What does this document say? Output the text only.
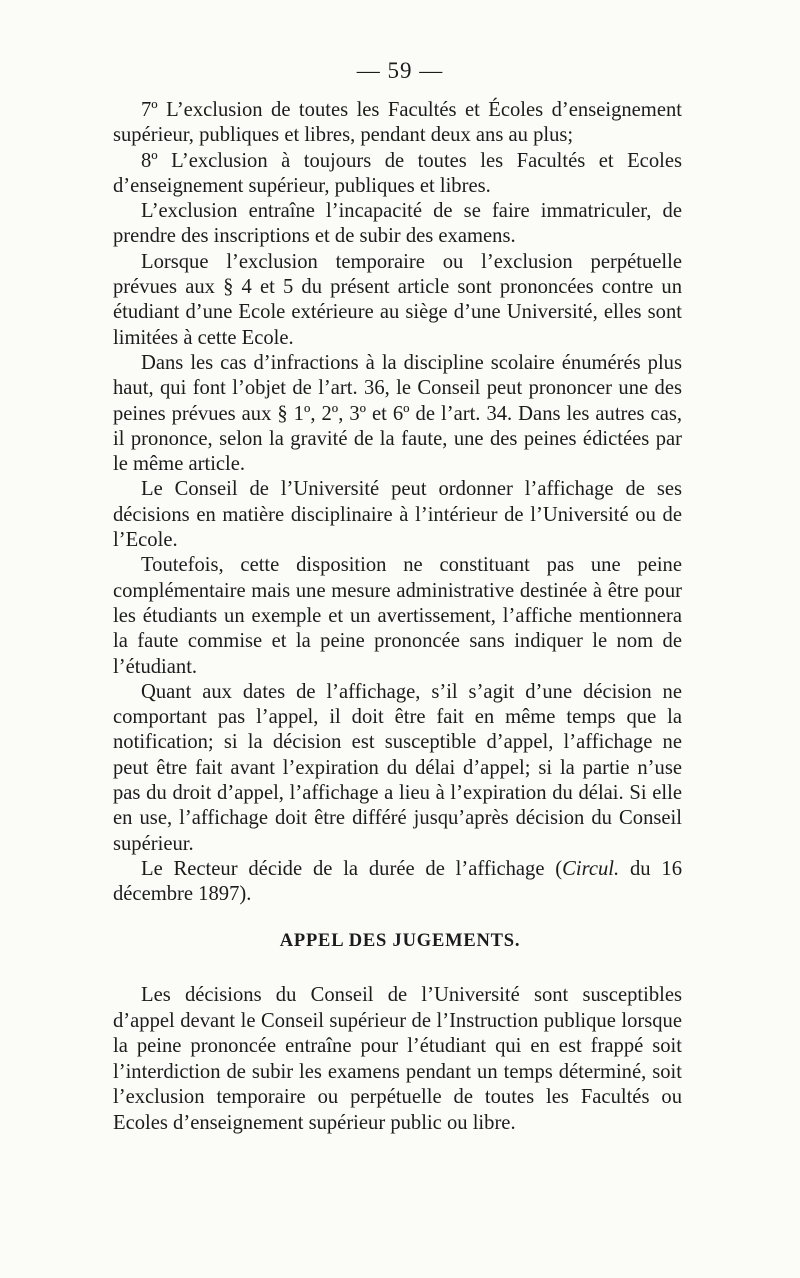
— 59 —

7º L’exclusion de toutes les Facultés et Écoles d’enseignement supérieur, publiques et libres, pendant deux ans au plus;

8º L’exclusion à toujours de toutes les Facultés et Ecoles d’enseignement supérieur, publiques et libres.

L’exclusion entraîne l’incapacité de se faire immatriculer, de prendre des inscriptions et de subir des examens.

Lorsque l’exclusion temporaire ou l’exclusion perpétuelle prévues aux § 4 et 5 du présent article sont prononcées contre un étudiant d’une Ecole extérieure au siège d’une Université, elles sont limitées à cette Ecole.

Dans les cas d’infractions à la discipline scolaire énumérés plus haut, qui font l’objet de l’art. 36, le Conseil peut prononcer une des peines prévues aux § 1º, 2º, 3º et 6º de l’art. 34. Dans les autres cas, il prononce, selon la gravité de la faute, une des peines édictées par le même article.

Le Conseil de l’Université peut ordonner l’affichage de ses décisions en matière disciplinaire à l’intérieur de l’Université ou de l’Ecole.

Toutefois, cette disposition ne constituant pas une peine complémentaire mais une mesure administrative destinée à être pour les étudiants un exemple et un avertissement, l’affiche mentionnera la faute commise et la peine prononcée sans indiquer le nom de l’étudiant.

Quant aux dates de l’affichage, s’il s’agit d’une décision ne comportant pas l’appel, il doit être fait en même temps que la notification; si la décision est susceptible d’appel, l’affichage ne peut être fait avant l’expiration du délai d’appel; si la partie n’use pas du droit d’appel, l’affichage a lieu à l’expiration du délai. Si elle en use, l’affichage doit être différé jusqu’après décision du Conseil supérieur.

Le Recteur décide de la durée de l’affichage (Circul. du 16 décembre 1897).

APPEL DES JUGEMENTS.

Les décisions du Conseil de l’Université sont susceptibles d’appel devant le Conseil supérieur de l’Instruction publique lorsque la peine prononcée entraîne pour l’étudiant qui en est frappé soit l’interdiction de subir les examens pendant un temps déterminé, soit l’exclusion temporaire ou perpétuelle de toutes les Facultés ou Ecoles d’enseignement supérieur public ou libre.
